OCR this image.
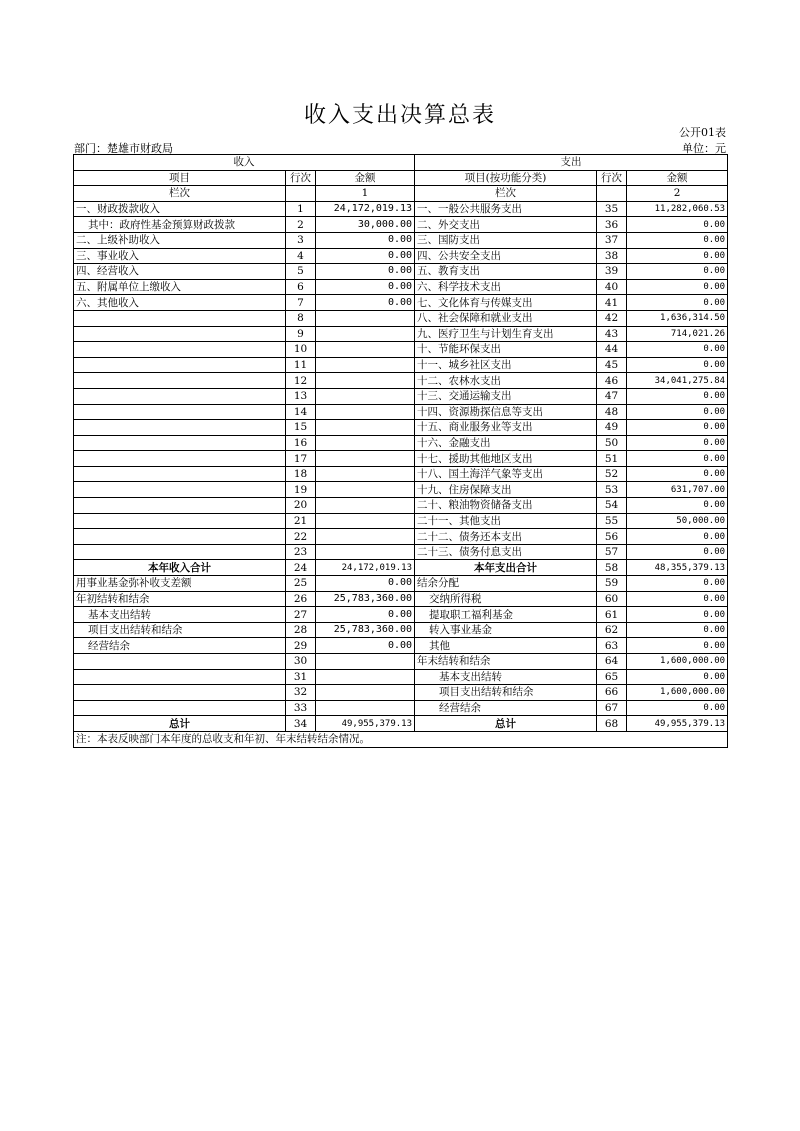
收入支出决算总表
公开01表
部门：楚雄市财政局	单位：元
收入			支出		
项目	行次	金额	项目(按功能分类)	行次	金额
栏次		1	栏次		2
一、财政拨款收入	1	24,172,019.13	一、一般公共服务支出	35	11,282,060.53
其中：政府性基金预算财政拨款	2	30,000.00	二、外交支出	36	0.00
二、上级补助收入	3	0.00	三、国防支出	37	0.00
三、事业收入	4	0.00	四、公共安全支出	38	0.00
四、经营收入	5	0.00	五、教育支出	39	0.00
五、附属单位上缴收入	6	0.00	六、科学技术支出	40	0.00
六、其他收入	7	0.00	七、文化体育与传媒支出	41	0.00
	8		八、社会保障和就业支出	42	1,636,314.50
	9		九、医疗卫生与计划生育支出	43	714,021.26
	10		十、节能环保支出	44	0.00
	11		十一、城乡社区支出	45	0.00
	12		十二、农林水支出	46	34,041,275.84
	13		十三、交通运输支出	47	0.00
	14		十四、资源勘探信息等支出	48	0.00
	15		十五、商业服务业等支出	49	0.00
	16		十六、金融支出	50	0.00
	17		十七、援助其他地区支出	51	0.00
	18		十八、国土海洋气象等支出	52	0.00
	19		十九、住房保障支出	53	631,707.00
	20		二十、粮油物资储备支出	54	0.00
	21		二十一、其他支出	55	50,000.00
	22		二十二、债务还本支出	56	0.00
	23		二十三、债务付息支出	57	0.00
本年收入合计	24	24,172,019.13	本年支出合计	58	48,355,379.13
用事业基金弥补收支差额	25	0.00	结余分配	59	0.00
年初结转和结余	26	25,783,360.00	交纳所得税	60	0.00
基本支出结转	27	0.00	提取职工福利基金	61	0.00
项目支出结转和结余	28	25,783,360.00	转入事业基金	62	0.00
经营结余	29	0.00	其他	63	0.00
	30		年末结转和结余	64	1,600,000.00
	31		基本支出结转	65	0.00
	32		项目支出结转和结余	66	1,600,000.00
	33		经营结余	67	0.00
总计	34	49,955,379.13	总计	68	49,955,379.13
注：本表反映部门本年度的总收支和年初、年末结转结余情况。					
